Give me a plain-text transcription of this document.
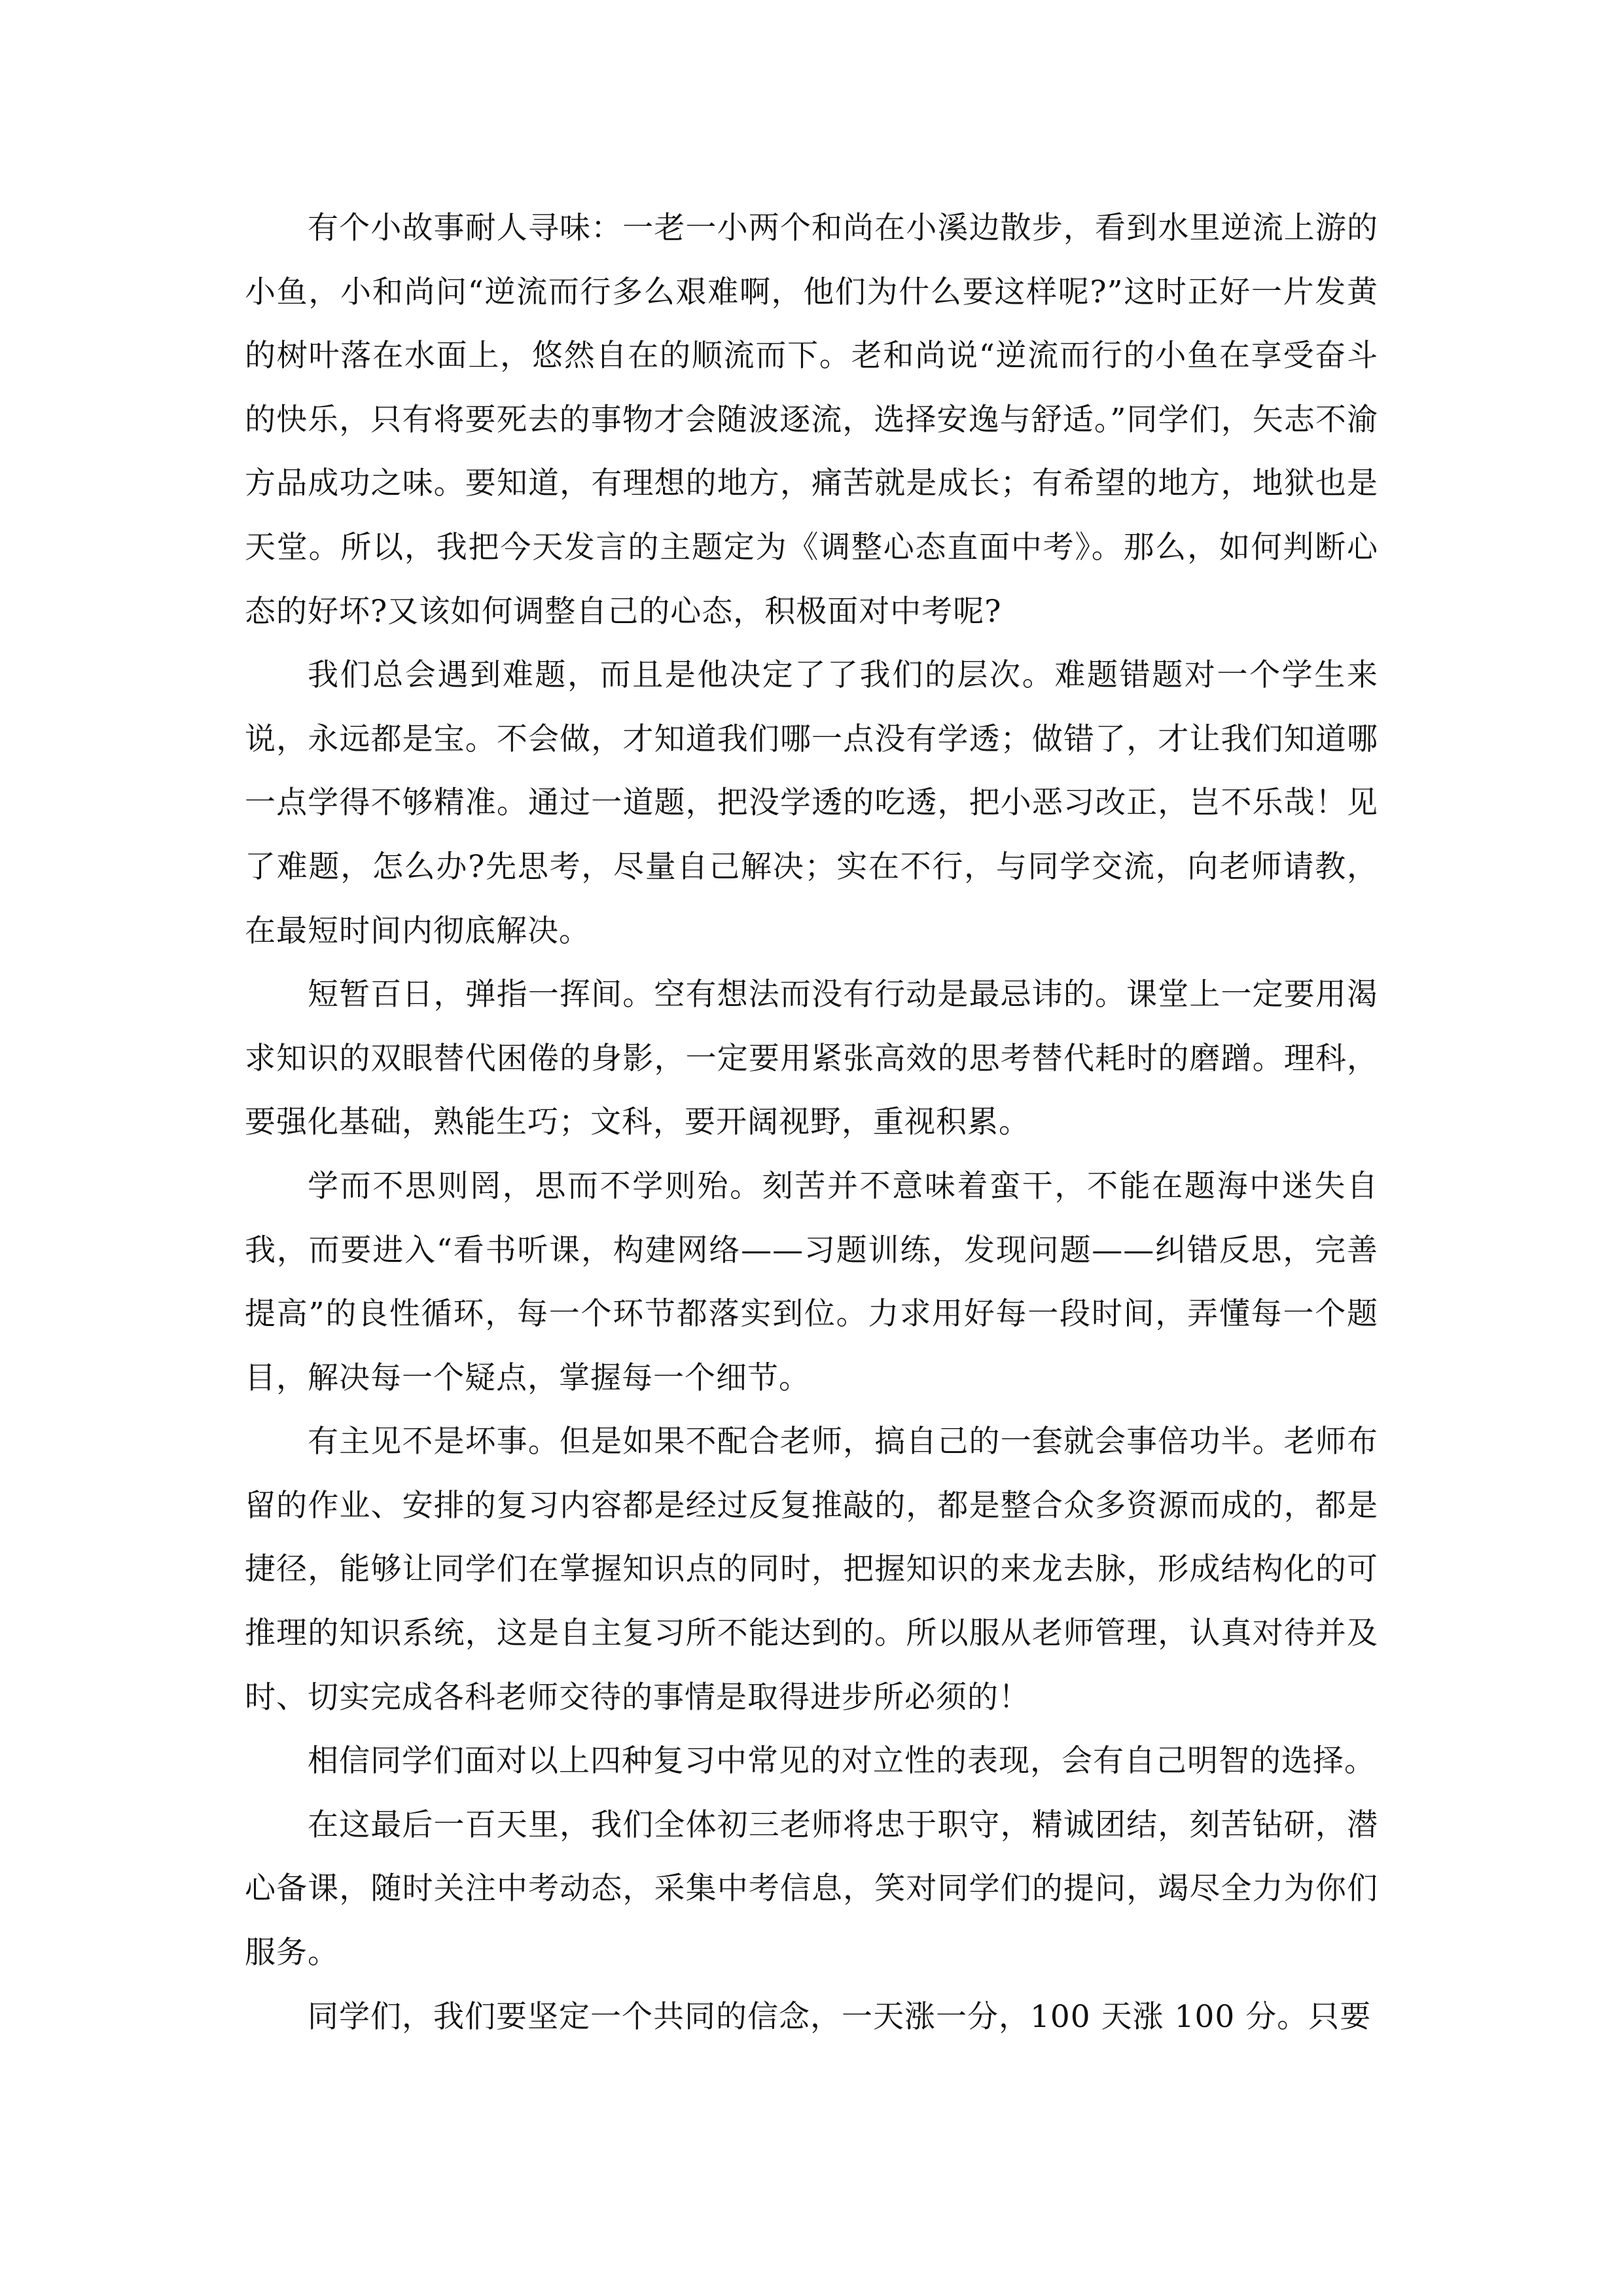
有个小故事耐人寻味：一老一小两个和尚在小溪边散步，看到水里逆流上游的小鱼，小和尚问“逆流而行多么艰难啊，他们为什么要这样呢?”这时正好一片发黄的树叶落在水面上，悠然自在的顺流而下。老和尚说“逆流而行的小鱼在享受奋斗的快乐，只有将要死去的事物才会随波逐流，选择安逸与舒适。”同学们，矢志不渝方品成功之味。要知道，有理想的地方，痛苦就是成长；有希望的地方，地狱也是天堂。所以，我把今天发言的主题定为《调整心态直面中考》。那么，如何判断心态的好坏?又该如何调整自己的心态，积极面对中考呢?

我们总会遇到难题，而且是他决定了了我们的层次。难题错题对一个学生来说，永远都是宝。不会做，才知道我们哪一点没有学透；做错了，才让我们知道哪一点学得不够精准。通过一道题，把没学透的吃透，把小恶习改正，岂不乐哉！见了难题，怎么办?先思考，尽量自己解决；实在不行，与同学交流，向老师请教，在最短时间内彻底解决。

短暂百日，弹指一挥间。空有想法而没有行动是最忌讳的。课堂上一定要用渴求知识的双眼替代困倦的身影，一定要用紧张高效的思考替代耗时的磨蹭。理科，要强化基础，熟能生巧；文科，要开阔视野，重视积累。

学而不思则罔，思而不学则殆。刻苦并不意味着蛮干，不能在题海中迷失自我，而要进入“看书听课，构建网络——习题训练，发现问题——纠错反思，完善提高”的良性循环，每一个环节都落实到位。力求用好每一段时间，弄懂每一个题目，解决每一个疑点，掌握每一个细节。

有主见不是坏事。但是如果不配合老师，搞自己的一套就会事倍功半。老师布留的作业、安排的复习内容都是经过反复推敲的，都是整合众多资源而成的，都是捷径，能够让同学们在掌握知识点的同时，把握知识的来龙去脉，形成结构化的可推理的知识系统，这是自主复习所不能达到的。所以服从老师管理，认真对待并及时、切实完成各科老师交待的事情是取得进步所必须的！

相信同学们面对以上四种复习中常见的对立性的表现，会有自己明智的选择。

在这最后一百天里，我们全体初三老师将忠于职守，精诚团结，刻苦钻研，潜心备课，随时关注中考动态，采集中考信息，笑对同学们的提问，竭尽全力为你们服务。

同学们，我们要坚定一个共同的信念，一天涨一分，100 天涨 100 分。只要
